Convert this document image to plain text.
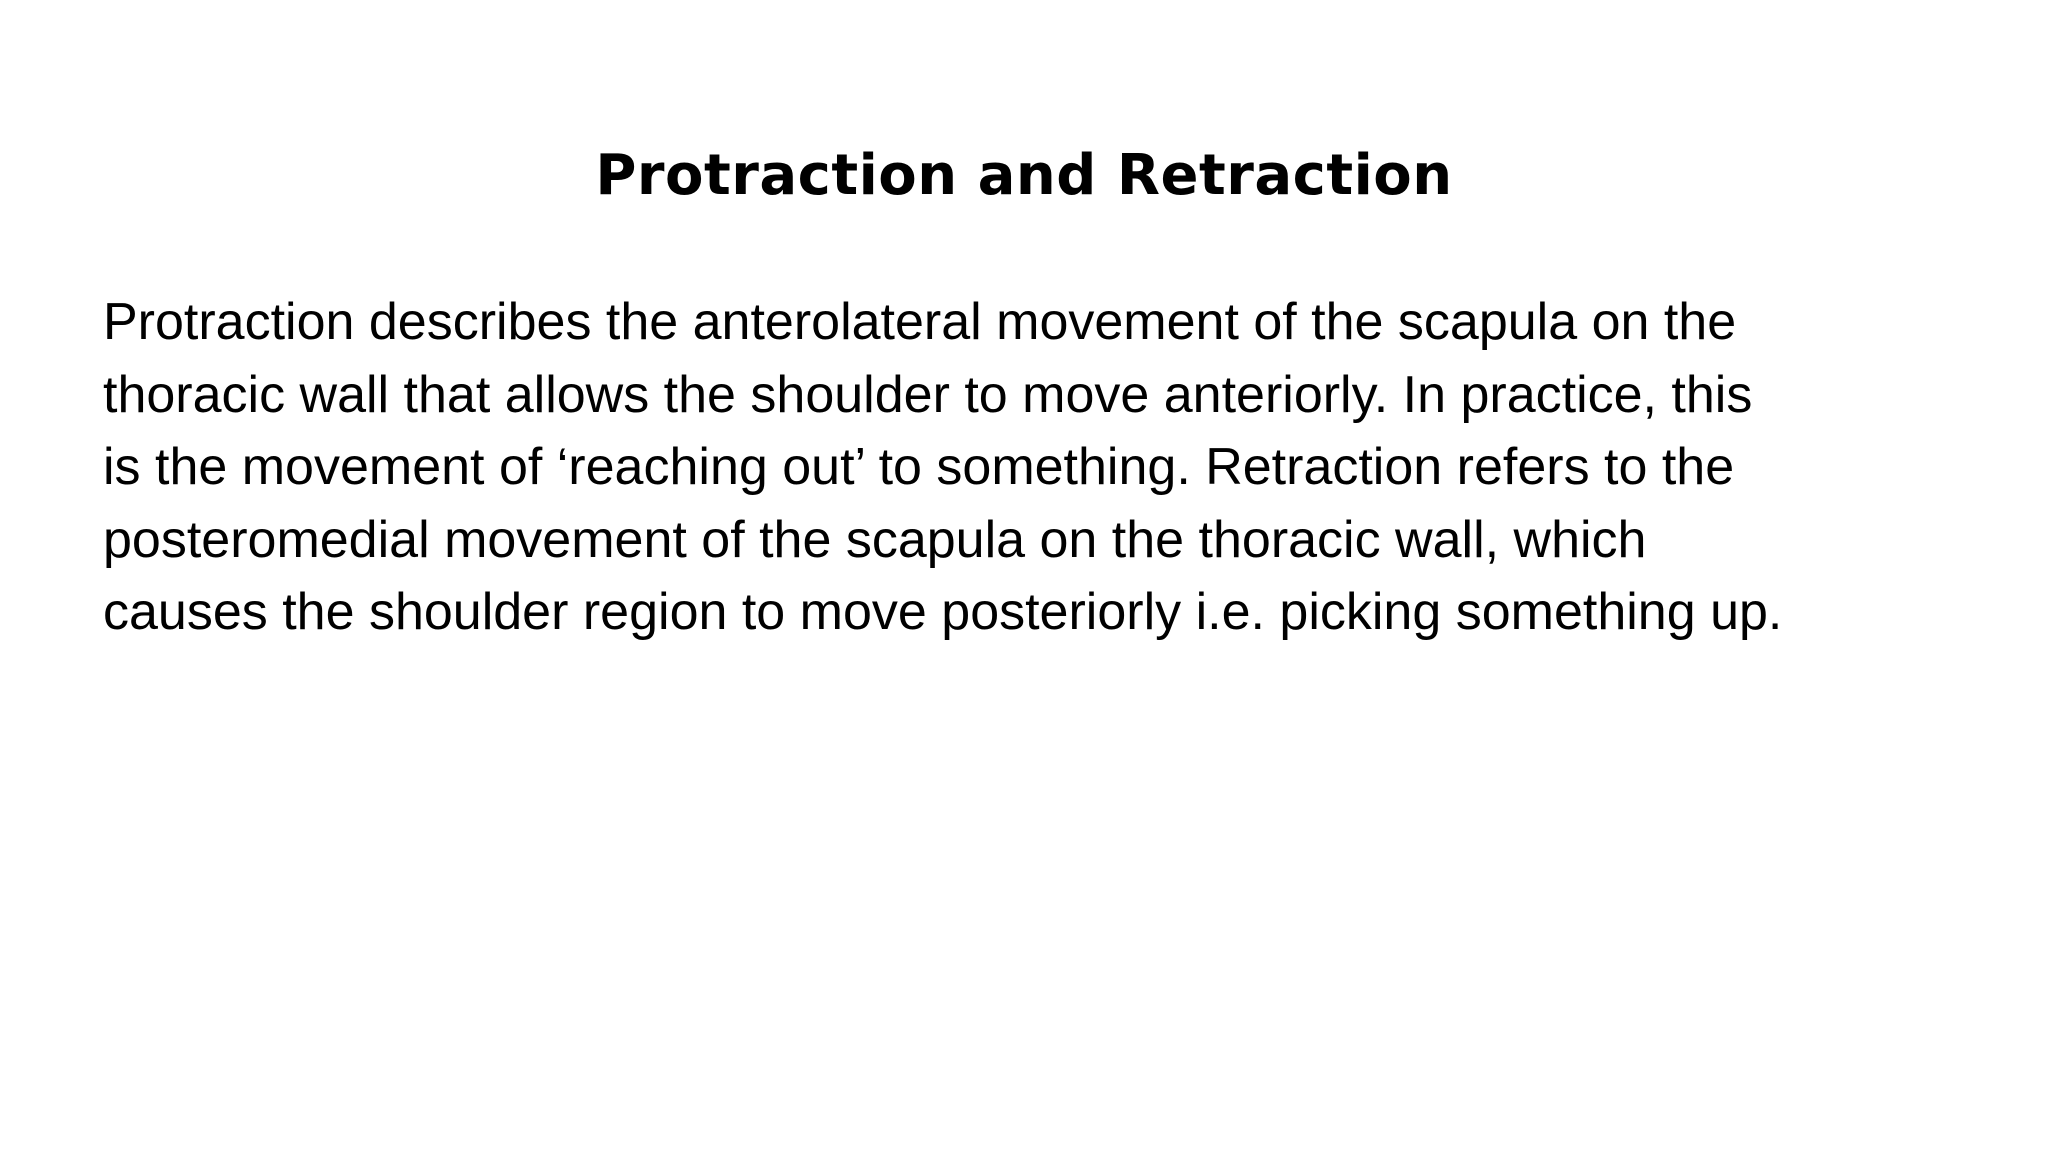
Protraction and Retraction

Protraction describes the anterolateral movement of the scapula on the
thoracic wall that allows the shoulder to move anteriorly. In practice, this
is the movement of ‘reaching out’ to something. Retraction refers to the
posteromedial movement of the scapula on the thoracic wall, which
causes the shoulder region to move posteriorly i.e. picking something up.
